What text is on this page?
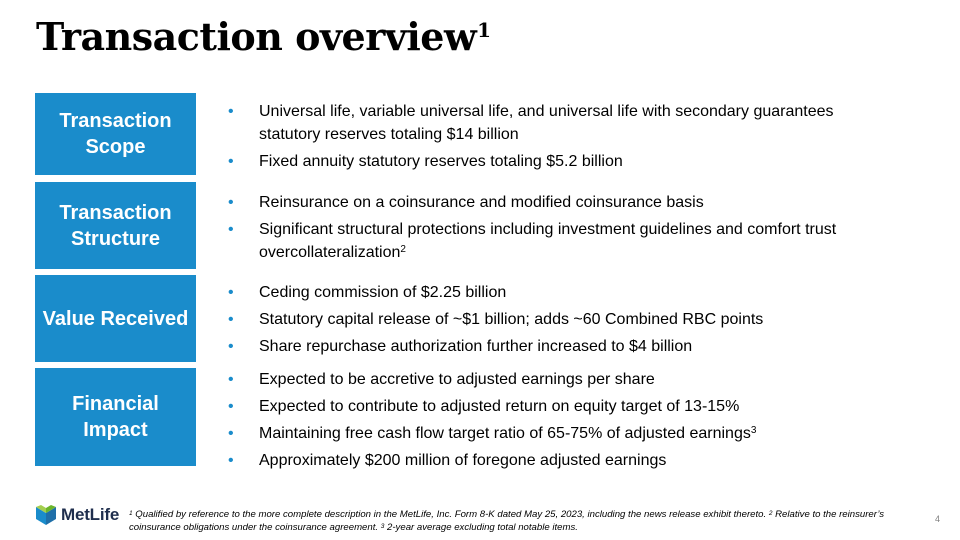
Transaction overview$^1$
Transaction
Scope
• Universal life, variable universal life, and universal life with secondary guarantees statutory reserves totaling $14 billion
• Fixed annuity statutory reserves totaling $5.2 billion
Transaction
Structure
• Reinsurance on a coinsurance and modified coinsurance basis
• Significant structural protections including investment guidelines and comfort trust overcollateralization$^2$
Value Received
• Ceding commission of $2.25 billion
• Statutory capital release of ~$1 billion; adds ~60 Combined RBC points
• Share repurchase authorization further increased to $4 billion
Financial
Impact
• Expected to be accretive to adjusted earnings per share
• Expected to contribute to adjusted return on equity target of 13-15%
• Maintaining free cash flow target ratio of 65-75% of adjusted earnings$^3$
• Approximately $200 million of foregone adjusted earnings
MetLife $^1$ Qualified by reference to the more complete description in the MetLife, Inc. Form 8-K dated May 25, 2023, including the news release exhibit thereto. $^2$ Relative to the reinsurer’s coinsurance obligations under the coinsurance agreement. $^3$ 2-year average excluding total notable items.
4
